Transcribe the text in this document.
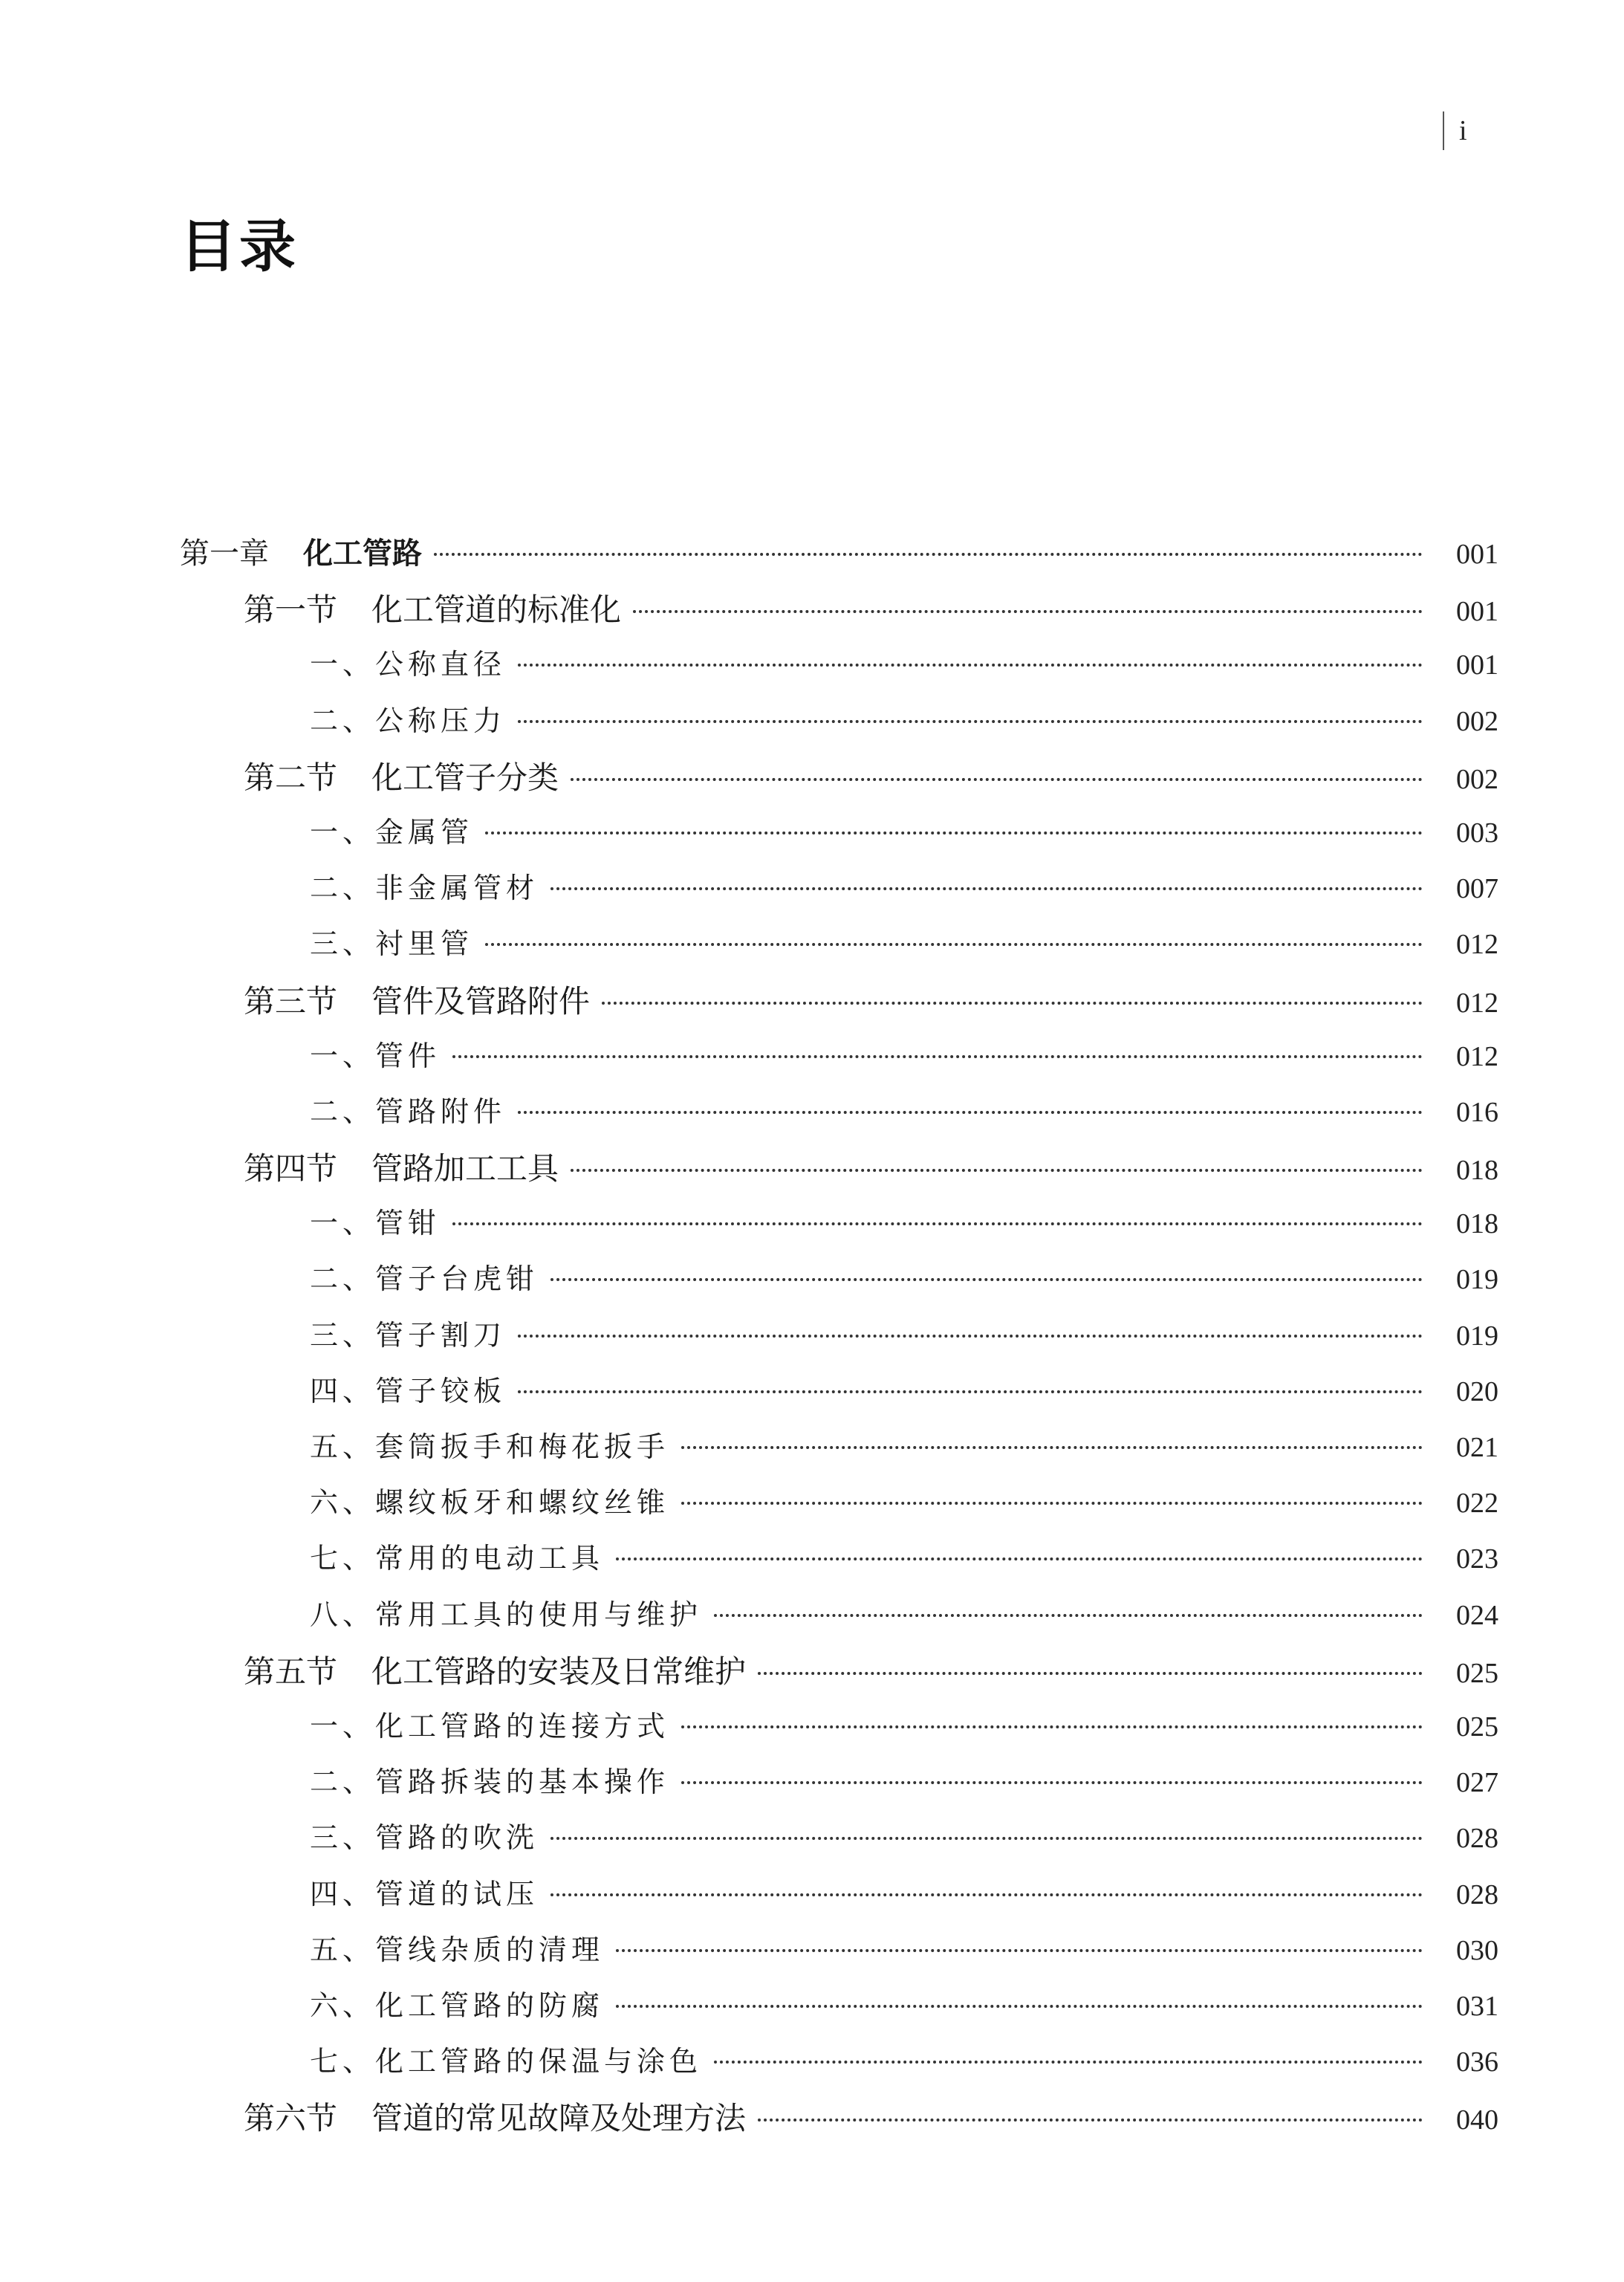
i
目录
第一章 化工管路	001
第一节 化工管道的标准化	001
一、 公称直径	001
二、 公称压力	002
第二节 化工管子分类	002
一、 金属管	003
二、 非金属管材	007
三、 衬里管	012
第三节 管件及管路附件	012
一、 管件	012
二、 管路附件	016
第四节 管路加工工具	018
一、 管钳	018
二、 管子台虎钳	019
三、 管子割刀	019
四、 管子铰板	020
五、 套筒扳手和梅花扳手	021
六、 螺纹板牙和螺纹丝锥	022
七、 常用的电动工具	023
八、 常用工具的使用与维护	024
第五节 化工管路的安装及日常维护	025
一、 化工管路的连接方式	025
二、 管路拆装的基本操作	027
三、 管路的吹洗	028
四、 管道的试压	028
五、 管线杂质的清理	030
六、 化工管路的防腐	031
七、 化工管路的保温与涂色	036
第六节 管道的常见故障及处理方法	040
